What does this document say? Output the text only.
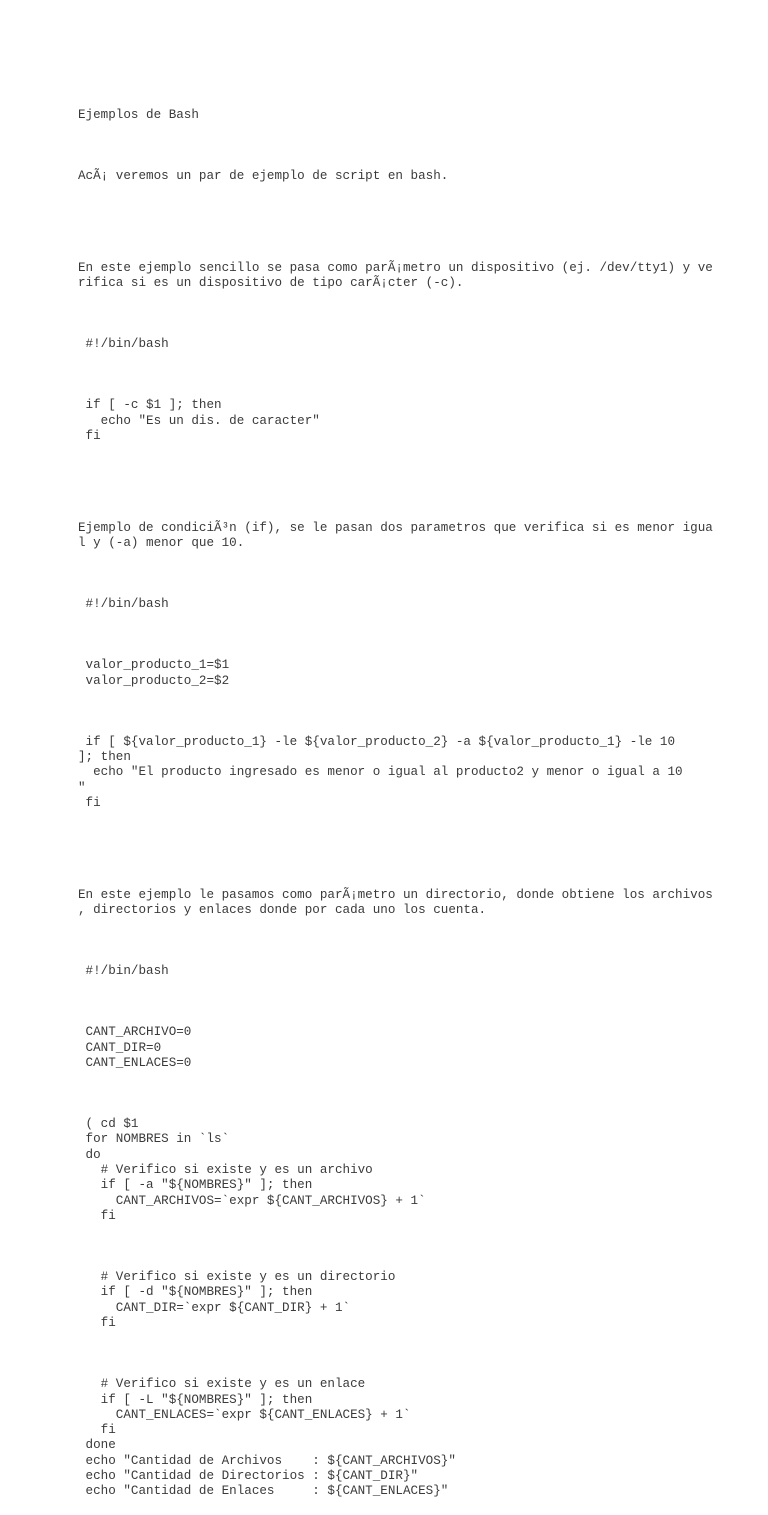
Ejemplos de Bash

AcÃ¡ veremos un par de ejemplo de script en bash.

En este ejemplo sencillo se pasa como parÃ¡metro un dispositivo (ej. /dev/tty1) y ve
rifica si es un dispositivo de tipo carÃ¡cter (-c).

#!/bin/bash

if [ -c $1 ]; then
echo "Es un dis. de caracter"
fi

Ejemplo de condiciÃ³n (if), se le pasan dos parametros que verifica si es menor igua
l y (-a) menor que 10.

#!/bin/bash

valor_producto_1=$1
valor_producto_2=$2

if [ ${valor_producto_1} -le ${valor_producto_2} -a ${valor_producto_1} -le 10
]; then
echo "El producto ingresado es menor o igual al producto2 y menor o igual a 10
"
fi

En este ejemplo le pasamos como parÃ¡metro un directorio, donde obtiene los archivos
, directorios y enlaces donde por cada uno los cuenta.

#!/bin/bash

CANT_ARCHIVO=0
CANT_DIR=0
CANT_ENLACES=0

( cd $1
for NOMBRES in `ls`
do
# Verifico si existe y es un archivo
if [ -a "${NOMBRES}" ]; then
CANT_ARCHIVOS=`expr ${CANT_ARCHIVOS} + 1`
fi

# Verifico si existe y es un directorio
if [ -d "${NOMBRES}" ]; then
CANT_DIR=`expr ${CANT_DIR} + 1`
fi

# Verifico si existe y es un enlace
if [ -L "${NOMBRES}" ]; then
CANT_ENLACES=`expr ${CANT_ENLACES} + 1`
fi
done
echo "Cantidad de Archivos    : ${CANT_ARCHIVOS}"
echo "Cantidad de Directorios : ${CANT_DIR}"
echo "Cantidad de Enlaces     : ${CANT_ENLACES}"
